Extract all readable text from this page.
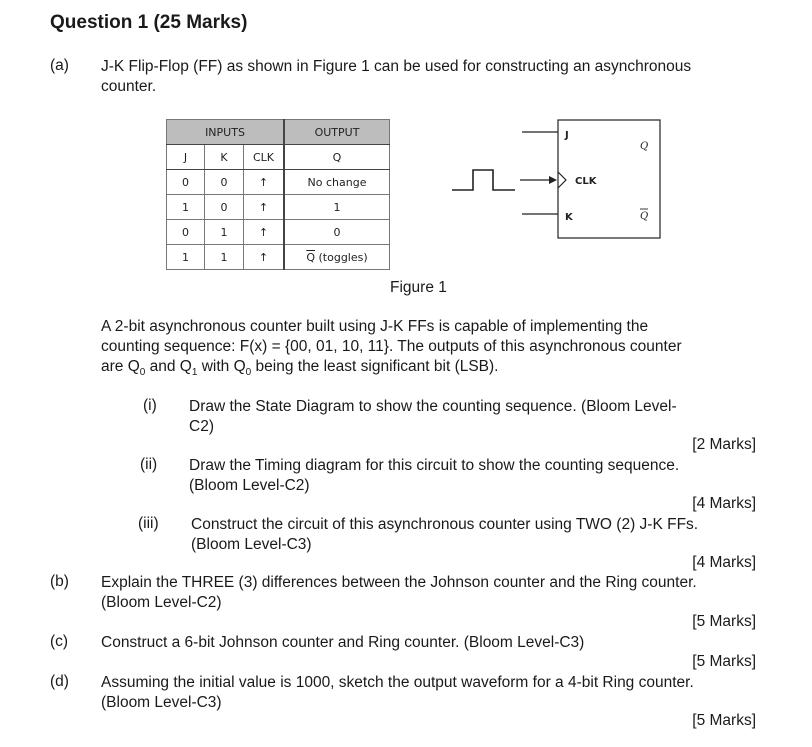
Question 1 (25 Marks)
(a) J-K Flip-Flop (FF) as shown in Figure 1 can be used for constructing an asynchronous
counter.
INPUTS			OUTPUT
J	K	CLK	Q
0	0	↑	No change
1	0	↑	1
0	1	↑	0
1	1	↑	$\overline{Q}$ (toggles)
J
CLK
K
Q
Q
Figure 1
A 2-bit asynchronous counter built using J-K FFs is capable of implementing the
counting sequence: F(x) = {00, 01, 10, 11}. The outputs of this asynchronous counter
are $Q_0$ and $Q_1$ with $Q_0$ being the least significant bit (LSB).
(i) Draw the State Diagram to show the counting sequence. (Bloom Level-
C2)
[2 Marks]
(ii) Draw the Timing diagram for this circuit to show the counting sequence.
(Bloom Level-C2)
[4 Marks]
(iii) Construct the circuit of this asynchronous counter using TWO (2) J-K FFs.
(Bloom Level-C3)
[4 Marks]
(b) Explain the THREE (3) differences between the Johnson counter and the Ring counter.
(Bloom Level-C2)
[5 Marks]
(c) Construct a 6-bit Johnson counter and Ring counter. (Bloom Level-C3)
[5 Marks]
(d) Assuming the initial value is 1000, sketch the output waveform for a 4-bit Ring counter.
(Bloom Level-C3)
[5 Marks]
